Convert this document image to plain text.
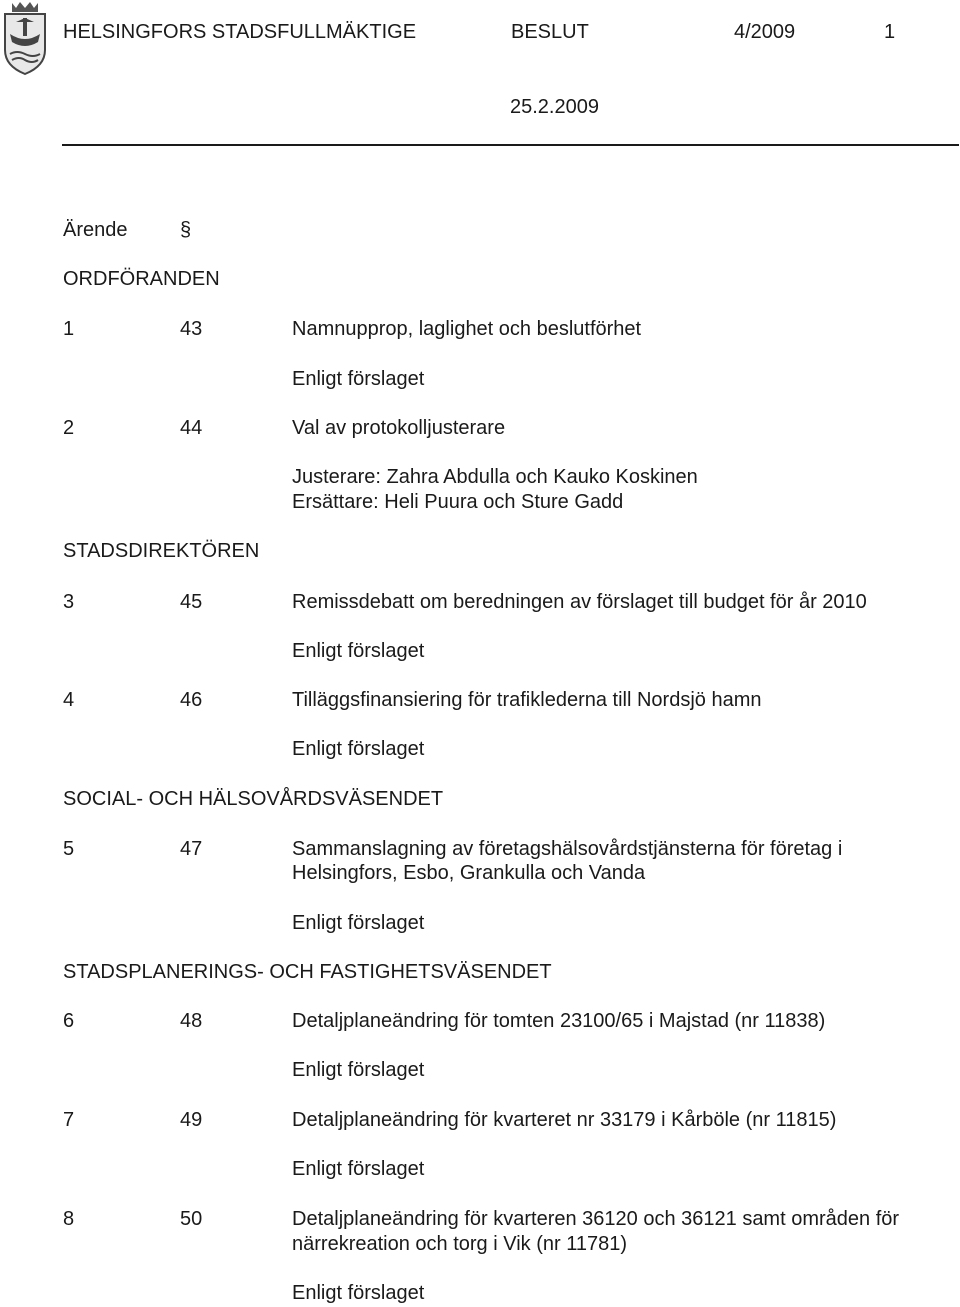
HELSINGFORS STADSFULLMÄKTIGE	BESLUT	4/2009	1
25.2.2009
Ärende	§
ORDFÖRANDEN
1	43	Namnupprop, laglighet och beslutförhet
Enligt förslaget
2	44	Val av protokolljusterare
Justerare: Zahra Abdulla och Kauko Koskinen
Ersättare: Heli Puura och Sture Gadd
STADSDIREKTÖREN
3	45	Remissdebatt om beredningen av förslaget till budget för år 2010
Enligt förslaget
4	46	Tilläggsfinansiering för trafiklederna till Nordsjö hamn
Enligt förslaget
SOCIAL- OCH HÄLSOVÅRDSVÄSENDET
5	47	Sammanslagning av företagshälsovårdstjänsterna för företag i
Helsingfors, Esbo, Grankulla och Vanda
Enligt förslaget
STADSPLANERINGS- OCH FASTIGHETSVÄSENDET
6	48	Detaljplaneändring för tomten 23100/65 i Majstad (nr 11838)
Enligt förslaget
7	49	Detaljplaneändring för kvarteret nr 33179 i Kårböle (nr 11815)
Enligt förslaget
8	50	Detaljplaneändring för kvarteren 36120 och 36121 samt områden för
närrekreation och torg i Vik (nr 11781)
Enligt förslaget
